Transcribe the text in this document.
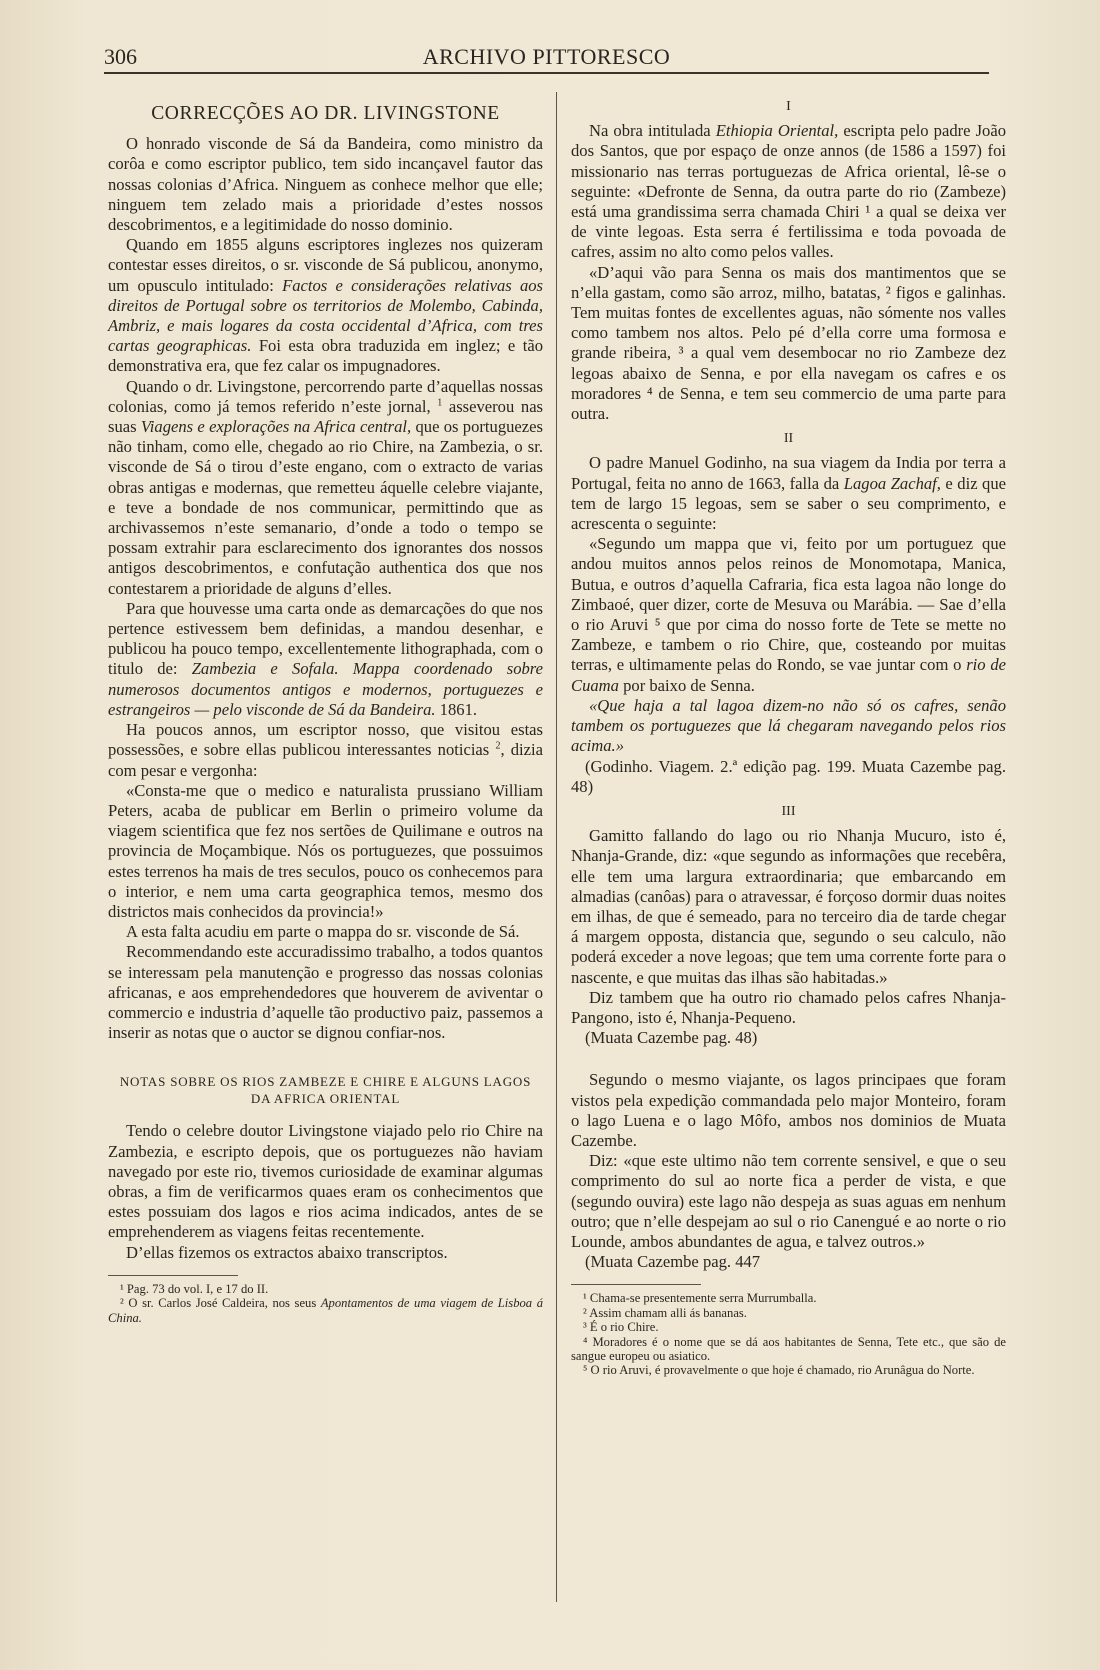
306	ARCHIVO PITTORESCO

CORRECÇÕES AO DR. LIVINGSTONE

O honrado visconde de Sá da Bandeira, como ministro da corôa e como escriptor publico, tem sido incançavel fautor das nossas colonias d’Africa. Ninguem as conhece melhor que elle; ninguem tem zelado mais a prioridade d’estes nossos descobrimentos, e a legitimidade do nosso dominio.

Quando em 1855 alguns escriptores inglezes nos quizeram contestar esses direitos, o sr. visconde de Sá publicou, anonymo, um opusculo intitulado: Factos e considerações relativas aos direitos de Portugal sobre os territorios de Molembo, Cabinda, Ambriz, e mais logares da costa occidental d’Africa, com tres cartas geographicas. Foi esta obra traduzida em inglez; e tão demonstrativa era, que fez calar os impugnadores.

Quando o dr. Livingstone, percorrendo parte d’aquellas nossas colonias, como já temos referido n’este jornal, $^1$ asseverou nas suas Viagens e explorações na Africa central, que os portuguezes não tinham, como elle, chegado ao rio Chire, na Zambezia, o sr. visconde de Sá o tirou d’este engano, com o extracto de varias obras antigas e modernas, que remetteu áquelle celebre viajante, e teve a bondade de nos communicar, permittindo que as archivassemos n’este semanario, d’onde a todo o tempo se possam extrahir para esclarecimento dos ignorantes dos nossos antigos descobrimentos, e confutação authentica dos que nos contestarem a prioridade de alguns d’elles.

Para que houvesse uma carta onde as demarcações do que nos pertence estivessem bem definidas, a mandou desenhar, e publicou ha pouco tempo, excellentemente lithographada, com o titulo de: Zambezia e Sofala. Mappa coordenado sobre numerosos documentos antigos e modernos, portuguezes e estrangeiros — pelo visconde de Sá da Bandeira. 1861.

Ha poucos annos, um escriptor nosso, que visitou estas possessões, e sobre ellas publicou interessantes noticias $^2$, dizia com pesar e vergonha:

«Consta-me que o medico e naturalista prussiano William Peters, acaba de publicar em Berlin o primeiro volume da viagem scientifica que fez nos sertões de Quilimane e outros na provincia de Moçambique. Nós os portuguezes, que possuimos estes terrenos ha mais de tres seculos, pouco os conhecemos para o interior, e nem uma carta geographica temos, mesmo dos districtos mais conhecidos da provincia!»

A esta falta acudiu em parte o mappa do sr. visconde de Sá.

Recommendando este accuradissimo trabalho, a todos quantos se interessam pela manutenção e progresso das nossas colonias africanas, e aos emprehendedores que houverem de aviventar o commercio e industria d’aquelle tão productivo paiz, passemos a inserir as notas que o auctor se dignou confiar-nos.

NOTAS SOBRE OS RIOS ZAMBEZE E CHIRE E ALGUNS LAGOS DA AFRICA ORIENTAL

Tendo o celebre doutor Livingstone viajado pelo rio Chire na Zambezia, e escripto depois, que os portuguezes não haviam navegado por este rio, tivemos curiosidade de examinar algumas obras, a fim de verificarmos quaes eram os conhecimentos que estes possuiam dos lagos e rios acima indicados, antes de se emprehenderem as viagens feitas recentemente.

D’ellas fizemos os extractos abaixo transcriptos.

¹ Pag. 73 do vol. I, e 17 do II.

² O sr. Carlos José Caldeira, nos seus Apontamentos de uma viagem de Lisboa á China.

I

Na obra intitulada Ethiopia Oriental, escripta pelo padre João dos Santos, que por espaço de onze annos (de 1586 a 1597) foi missionario nas terras portuguezas de Africa oriental, lê-se o seguinte: «Defronte de Senna, da outra parte do rio (Zambeze) está uma grandissima serra chamada Chiri ¹ a qual se deixa ver de vinte legoas. Esta serra é fertilissima e toda povoada de cafres, assim no alto como pelos valles.

«D’aqui vão para Senna os mais dos mantimentos que se n’ella gastam, como são arroz, milho, batatas, ² figos e galinhas. Tem muitas fontes de excellentes aguas, não sómente nos valles como tambem nos altos. Pelo pé d’ella corre uma formosa e grande ribeira, ³ a qual vem desembocar no rio Zambeze dez legoas abaixo de Senna, e por ella navegam os cafres e os moradores ⁴ de Senna, e tem seu commercio de uma parte para outra.

II

O padre Manuel Godinho, na sua viagem da India por terra a Portugal, feita no anno de 1663, falla da Lagoa Zachaf, e diz que tem de largo 15 legoas, sem se saber o seu comprimento, e acrescenta o seguinte:

«Segundo um mappa que vi, feito por um portuguez que andou muitos annos pelos reinos de Monomotapa, Manica, Butua, e outros d’aquella Cafraria, fica esta lagoa não longe do Zimbaoé, quer dizer, corte de Mesuva ou Marábia. — Sae d’ella o rio Aruvi ⁵ que por cima do nosso forte de Tete se mette no Zambeze, e tambem o rio Chire, que, costeando por muitas terras, e ultimamente pelas do Rondo, se vae juntar com o rio de Cuama por baixo de Senna.

«Que haja a tal lagoa dizem-no não só os cafres, senão tambem os portuguezes que lá chegaram navegando pelos rios acima.»

(Godinho. Viagem. 2.ª edição pag. 199. Muata Cazembe pag. 48)

III

Gamitto fallando do lago ou rio Nhanja Mucuro, isto é, Nhanja-Grande, diz: «que segundo as informações que recebêra, elle tem uma largura extraordinaria; que embarcando em almadias (canôas) para o atravessar, é forçoso dormir duas noites em ilhas, de que é semeado, para no terceiro dia de tarde chegar á margem opposta, distancia que, segundo o seu calculo, não poderá exceder a nove legoas; que tem uma corrente forte para o nascente, e que muitas das ilhas são habitadas.»

Diz tambem que ha outro rio chamado pelos cafres Nhanja-Pangono, isto é, Nhanja-Pequeno.

(Muata Cazembe pag. 48)

Segundo o mesmo viajante, os lagos principaes que foram vistos pela expedição commandada pelo major Monteiro, foram o lago Luena e o lago Môfo, ambos nos dominios de Muata Cazembe.

Diz: «que este ultimo não tem corrente sensivel, e que o seu comprimento do sul ao norte fica a perder de vista, e que (segundo ouvira) este lago não despeja as suas aguas em nenhum outro; que n’elle despejam ao sul o rio Canengué e ao norte o rio Lounde, ambos abundantes de agua, e talvez outros.»

(Muata Cazembe pag. 447

¹ Chama-se presentemente serra Murrumballa.

² Assim chamam alli ás bananas.

³ É o rio Chire.

⁴ Moradores é o nome que se dá aos habitantes de Senna, Tete etc., que são de sangue europeu ou asiatico.

⁵ O rio Aruvi, é provavelmente o que hoje é chamado, rio Arunâgua do Norte.
